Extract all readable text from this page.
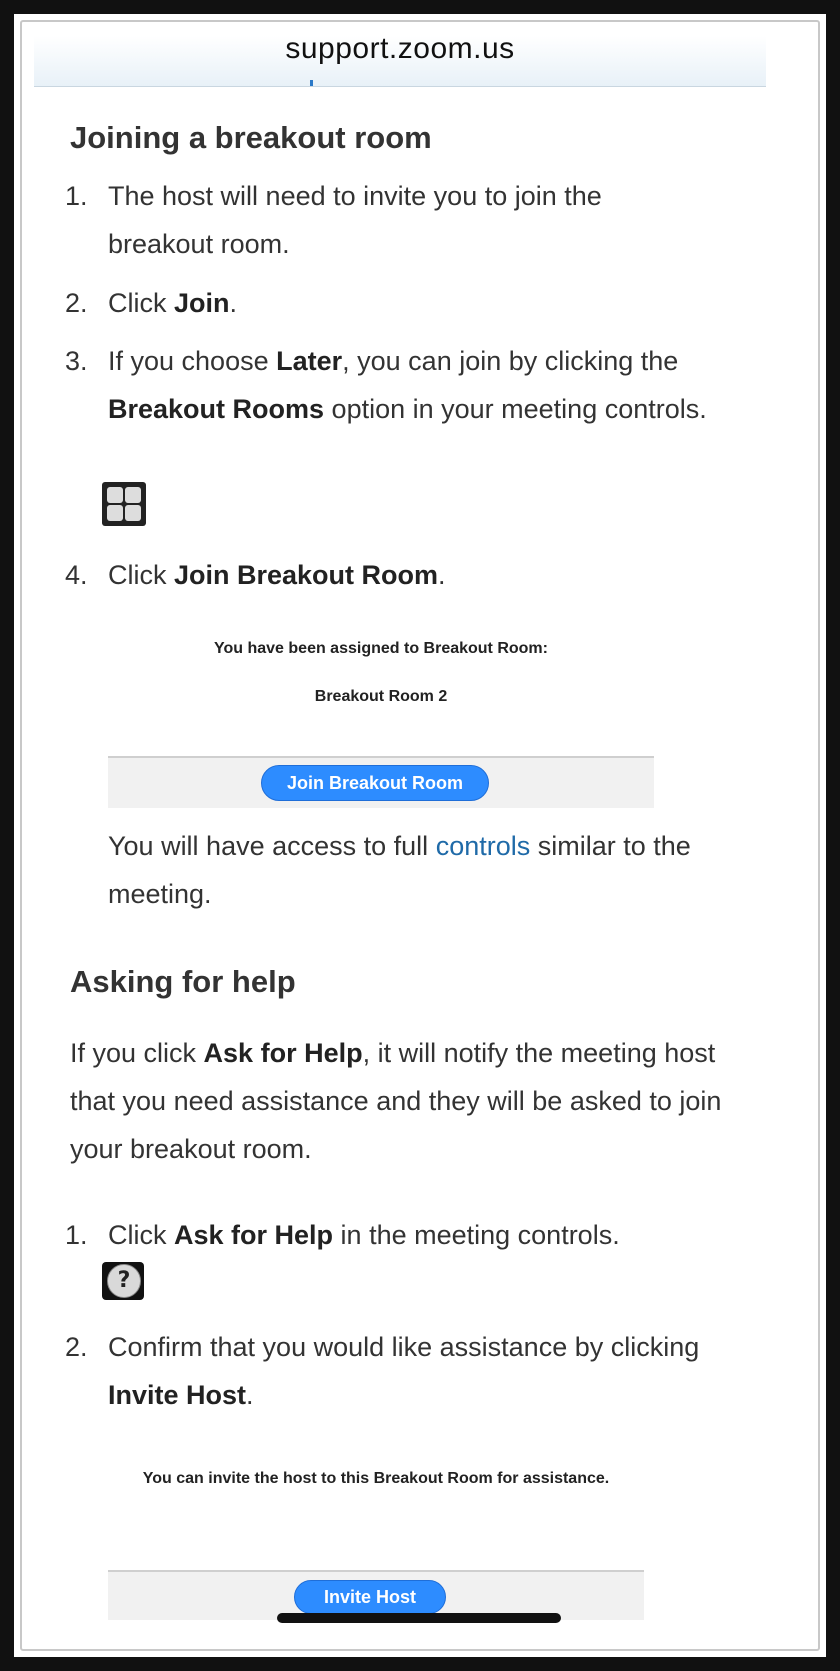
support.zoom.us
Joining a breakout room
1. The host will need to invite you to join the breakout room.
2. Click Join.
3. If you choose Later, you can join by clicking the Breakout Rooms option in your meeting controls.
4. Click Join Breakout Room.
You have been assigned to Breakout Room:
Breakout Room 2
Join Breakout Room
You will have access to full controls similar to the meeting.
Asking for help
If you click Ask for Help, it will notify the meeting host that you need assistance and they will be asked to join your breakout room.
1. Click Ask for Help in the meeting controls.
?
2. Confirm that you would like assistance by clicking Invite Host.
You can invite the host to this Breakout Room for assistance.
Invite Host
